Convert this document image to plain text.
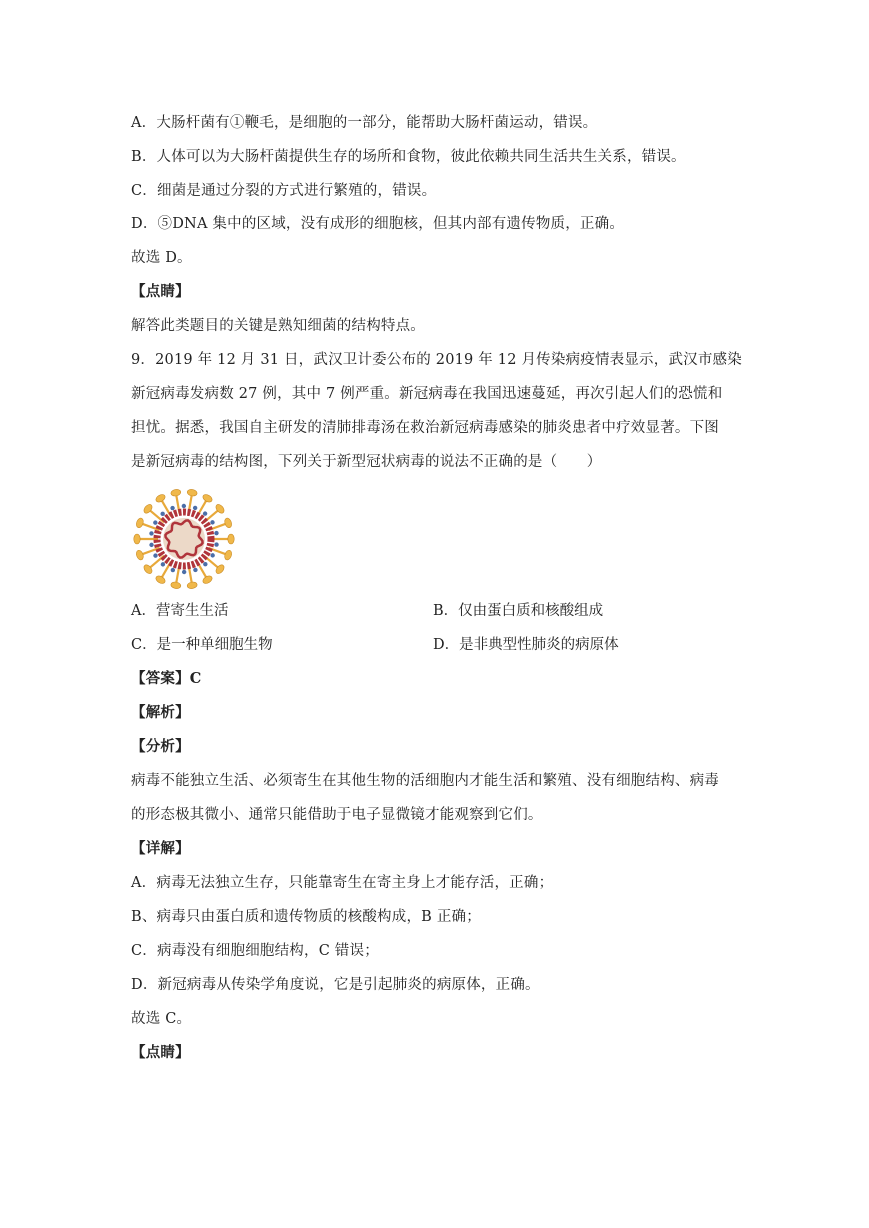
A．大肠杆菌有①鞭毛，是细胞的一部分，能帮助大肠杆菌运动，错误。
B．人体可以为大肠杆菌提供生存的场所和食物，彼此依赖共同生活共生关系，错误。
C．细菌是通过分裂的方式进行繁殖的，错误。
D．⑤DNA 集中的区域，没有成形的细胞核，但其内部有遗传物质，正确。
故选 D。
【点睛】
解答此类题目的关键是熟知细菌的结构特点。
9．2019 年 12 月 31 日，武汉卫计委公布的 2019 年 12 月传染病疫情表显示，武汉市感染
新冠病毒发病数 27 例，其中 7 例严重。新冠病毒在我国迅速蔓延，再次引起人们的恐慌和
担忧。据悉，我国自主研发的清肺排毒汤在救治新冠病毒感染的肺炎患者中疗效显著。下图
是新冠病毒的结构图，下列关于新型冠状病毒的说法不正确的是（　　）
A．营寄生生活	B．仅由蛋白质和核酸组成
C．是一种单细胞生物	D．是非典型性肺炎的病原体
【答案】C
【解析】
【分析】
病毒不能独立生活、必须寄生在其他生物的活细胞内才能生活和繁殖、没有细胞结构、病毒
的形态极其微小、通常只能借助于电子显微镜才能观察到它们。
【详解】
A．病毒无法独立生存，只能靠寄生在寄主身上才能存活，正确；
B、病毒只由蛋白质和遗传物质的核酸构成，B 正确；
C．病毒没有细胞细胞结构，C 错误；
D．新冠病毒从传染学角度说，它是引起肺炎的病原体，正确。
故选 C。
【点睛】
